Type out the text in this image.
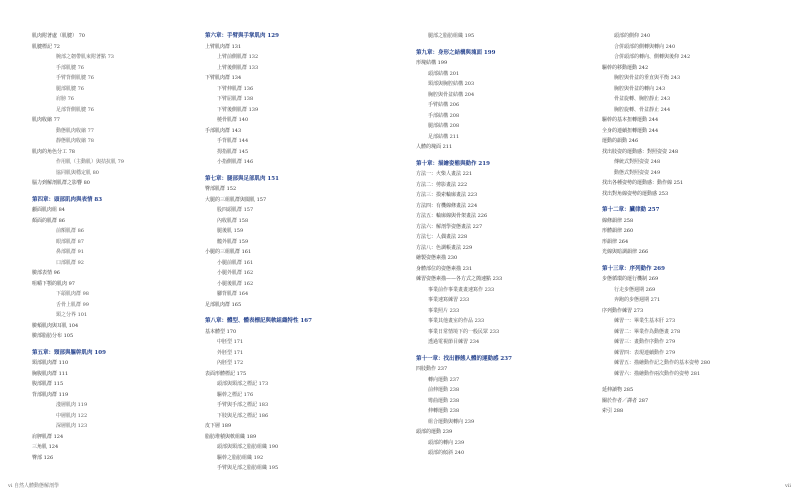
肌肉附著處（肌腱） 70
肌腱標記 72
腕部之韌帶肌束附著點 73
手部肌腱 76
手臂背側肌腱 76
腿部肌腱 76
肩膀 76
足部背側肌腱 76
肌肉收縮 77
動態肌肉收縮 77
靜態肌肉收縮 78
肌肉的角色分工 78
作用肌（主動肌）與拮抗肌 79
協同肌與穩定肌 80
腦力到解剖肌群之影響 80
第四章：頭部肌肉與表情 83
顱面肌肉組 84
顏面的肌群 86
前額肌群 86
眼部肌群 87
鼻部肌群 91
口部肌群 92
臉部表情 96
咀嚼下顎的肌肉 97
下頜肌肉群 98
舌骨上肌群 99
頸之分界 101
臉頰肌肉與耳肌 104
臉部脂肪分布 105
第五章：頸部與軀幹肌肉 109
頸部肌肉群 110
胸腹肌肉群 111
腹部肌群 115
背部肌肉群 119
淺層肌肉 119
中層肌肉 122
深層肌肉 123
肩胛肌群 124
三角肌 124
臀部 126
第六章：手臂與手掌肌肉 129
上臂肌肉群 131
上臂前側肌群 132
上臂後側肌群 133
下臂肌肉群 134
下臂伸肌群 136
下臂屈肌群 138
下臂後側肌群 139
橈骨肌群 140
手部肌肉群 143
手背肌群 144
拇指肌群 145
小指側肌群 146
第七章：腿部與足部肌肉 151
臀部肌群 152
大腿的三組肌群與闊肌 157
股四頭肌群 157
內收肌群 158
腿後肌 159
髖外肌群 159
小腿的三組肌群 161
小腿前肌群 161
小腿外肌群 162
小腿後肌群 162
腳背肌群 164
足部肌肉群 165
第八章：體型、體表標記與軟組織特性 167
基本體型 170
中胚型 171
外胚型 171
內胚型 172
表面形體標記 175
頭部與頸部之標記 173
驅幹之標記 176
手臂與手部之標記 183
下肢與足部之標記 186
皮下層 189
脂肪堆積與軟組織 189
頭部與頸部之脂肪組織 190
驅幹之脂肪組織 192
手臂與足部之脂肪組織 195
腿部之脂肪組織 195
第九章：身形之結構與塊面 199
形塊結構 199
頭部結構 201
頸部與胸腔結構 203
胸腔與骨盆結構 204
手臂結構 206
手部結構 208
腿部結構 208
足部結構 211
人體的塊面 211
第十章：描繪姿態與動作 219
方法一：火柴人畫法 221
方法二：剪影畫法 222
方法三：摸索輪廓畫法 223
方法四：有機線條畫法 224
方法五：輪廓線與骨架畫法 226
方法六：解剖學姿態畫法 227
方法七：人偶畫法 228
方法八：色調帳畫法 229
繪製姿態素描 230
身體部位的姿態素描 231
練習姿態素描——各方式之簡速點 233
事業前作事業畫畫速寫作 233
事業速寫練習 233
事業照片 233
事業其他畫室的作品 233
事業日常情境下的一般民眾 233
透過電視節目練習 234
第十一章：找出靜態人體的運動感 237
四肢動作 237
轉向運動 237
前伸運動 238
彎曲運動 238
伸轉運動 238
組合運動與轉向 239
頭部的運動 239
頭部的轉向 239
頭部的傾斜 240
頭部的側仰 240
合併頭部的側轉與轉向 240
合併頭部的轉向、側轉與後仰 242
驅幹的移動運動 242
胸腔與骨盆的垂直與平衡 243
胸腔與骨盆的轉向 243
骨盆旋轉、胸腔靜止 243
胸腔旋轉、骨盆靜止 244
驅幹的基本扭轉運動 244
全身的連續扭轉運動 244
運動的韻動 246
找出肢姿的運動感：對照姿姿 248
傳統式對照姿姿 248
動態式對照姿姿 249
找出各種姿勢的運動感：動作線 251
找出對角線姿勢的運動感 253
第十二章：臟律動 257
線條韻律 258
形體韻律 260
形韻律 264
光線與暗調韻律 266
第十三章：序列動作 269
步態循環的運行機制 269
行走步態週期 269
奔跑的步態週期 271
序列動作練習 273
練習一：畢業生基本肝 273
練習二：畢業作為動態畫 278
練習三：畫動作序動作 279
練習四：表現連續動作 279
練習五：描繪動作記之動作的基本姿勢 280
練習六：描繪動作兩次動作的姿勢 281
延伸讀物 285
關於作者／譯者 287
索引 288
vi 自然人體動態解剖學	vii
